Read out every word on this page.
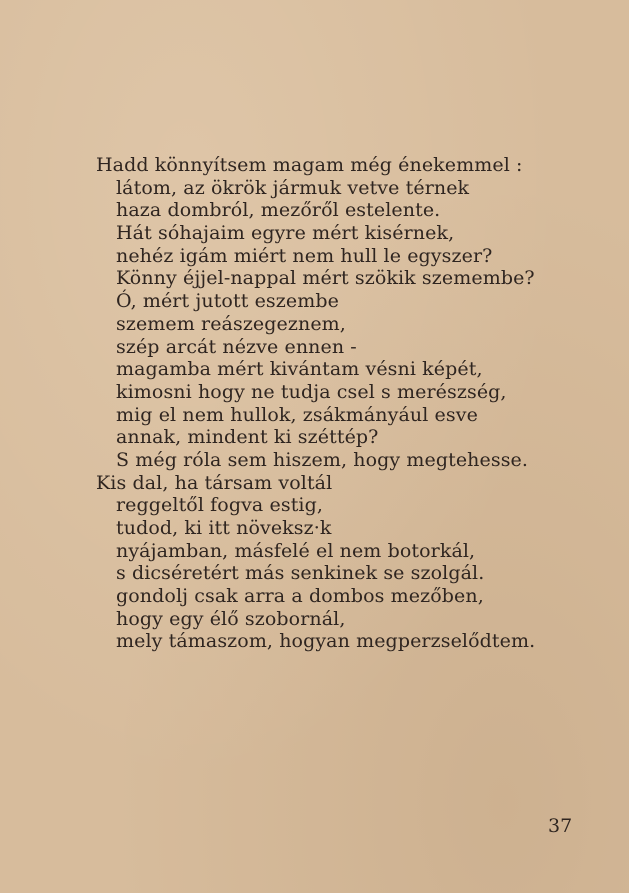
Hadd könnyítsem magam még énekemmel :
látom, az ökrök jármuk vetve térnek
haza dombról, mezőről estelente.
Hát sóhajaim egyre mért kisérnek,
nehéz igám miért nem hull le egyszer?
Könny éjjel-nappal mért szökik szemembe?
Ó, mért jutott eszembe
szemem reászegeznem,
szép arcát nézve ennen -
magamba mért kivántam vésni képét,
kimosni hogy ne tudja csel s merészség,
mig el nem hullok, zsákmányául esve
annak, mindent ki széttép?
S még róla sem hiszem, hogy megtehesse.
Kis dal, ha társam voltál
reggeltől fogva estig,
tudod, ki itt növeksz·k
nyájamban, másfelé el nem botorkál,
s dicséretért más senkinek se szolgál.
gondolj csak arra a dombos mezőben,
hogy egy élő szobornál,
mely támaszom, hogyan megperzselődtem.
37
